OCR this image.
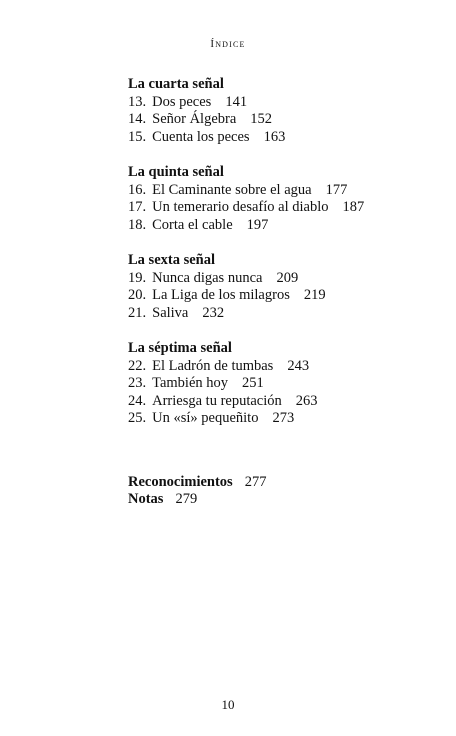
Índice

La cuarta señal

13. Dos peces 141

14. Señor Álgebra 152

15. Cuenta los peces 163

La quinta señal

16. El Caminante sobre el agua 177

17. Un temerario desafío al diablo 187

18. Corta el cable 197

La sexta señal

19. Nunca digas nunca 209

20. La Liga de los milagros 219

21. Saliva 232

La séptima señal

22. El Ladrón de tumbas 243

23. También hoy 251

24. Arriesga tu reputación 263

25. Un «sí» pequeñito 273

Reconocimientos 277

Notas 279

10
